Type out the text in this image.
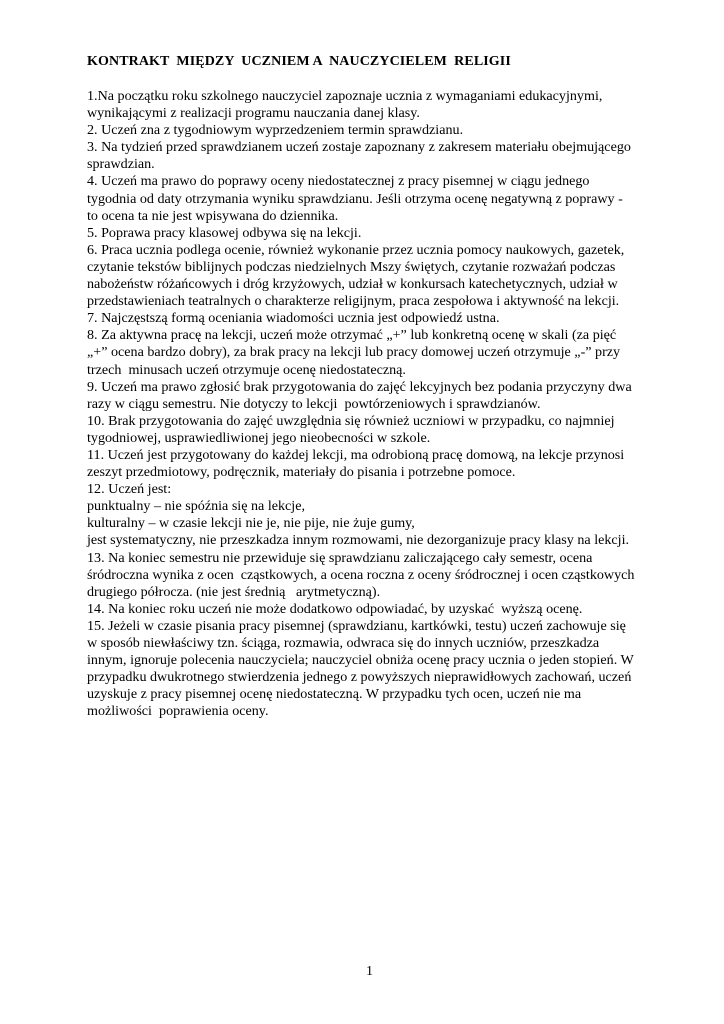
KONTRAKT  MIĘDZY  UCZNIEM A  NAUCZYCIELEM  RELIGII

1.Na początku roku szkolnego nauczyciel zapoznaje ucznia z wymaganiami edukacyjnymi,

wynikającymi z realizacji programu nauczania danej klasy.

2. Uczeń zna z tygodniowym wyprzedzeniem termin sprawdzianu.

3. Na tydzień przed sprawdzianem uczeń zostaje zapoznany z zakresem materiału obejmującego

sprawdzian.

4. Uczeń ma prawo do poprawy oceny niedostatecznej z pracy pisemnej w ciągu jednego

tygodnia od daty otrzymania wyniku sprawdzianu. Jeśli otrzyma ocenę negatywną z poprawy -

to ocena ta nie jest wpisywana do dziennika.

5. Poprawa pracy klasowej odbywa się na lekcji.

6. Praca ucznia podlega ocenie, również wykonanie przez ucznia pomocy naukowych, gazetek,

czytanie tekstów biblijnych podczas niedzielnych Mszy świętych, czytanie rozważań podczas

nabożeństw różańcowych i dróg krzyżowych, udział w konkursach katechetycznych, udział w

przedstawieniach teatralnych o charakterze religijnym, praca zespołowa i aktywność na lekcji.

7. Najczęstszą formą oceniania wiadomości ucznia jest odpowiedź ustna.

8. Za aktywna pracę na lekcji, uczeń może otrzymać „+” lub konkretną ocenę w skali (za pięć

„+” ocena bardzo dobry), za brak pracy na lekcji lub pracy domowej uczeń otrzymuje „-” przy

trzech  minusach uczeń otrzymuje ocenę niedostateczną.

9. Uczeń ma prawo zgłosić brak przygotowania do zajęć lekcyjnych bez podania przyczyny dwa

razy w ciągu semestru. Nie dotyczy to lekcji  powtórzeniowych i sprawdzianów.

10. Brak przygotowania do zajęć uwzględnia się również uczniowi w przypadku, co najmniej

tygodniowej, usprawiedliwionej jego nieobecności w szkole.

11. Uczeń jest przygotowany do każdej lekcji, ma odrobioną pracę domową, na lekcje przynosi

zeszyt przedmiotowy, podręcznik, materiały do pisania i potrzebne pomoce.

12. Uczeń jest:

punktualny – nie spóźnia się na lekcje,

kulturalny – w czasie lekcji nie je, nie pije, nie żuje gumy,

jest systematyczny, nie przeszkadza innym rozmowami, nie dezorganizuje pracy klasy na lekcji.

13. Na koniec semestru nie przewiduje się sprawdzianu zaliczającego cały semestr, ocena

śródroczna wynika z ocen  cząstkowych, a ocena roczna z oceny śródrocznej i ocen cząstkowych

drugiego półrocza. (nie jest średnią   arytmetyczną).

14. Na koniec roku uczeń nie może dodatkowo odpowiadać, by uzyskać  wyższą ocenę.

15. Jeżeli w czasie pisania pracy pisemnej (sprawdzianu, kartkówki, testu) uczeń zachowuje się

w sposób niewłaściwy tzn. ściąga, rozmawia, odwraca się do innych uczniów, przeszkadza

innym, ignoruje polecenia nauczyciela; nauczyciel obniża ocenę pracy ucznia o jeden stopień. W

przypadku dwukrotnego stwierdzenia jednego z powyższych nieprawidłowych zachowań, uczeń

uzyskuje z pracy pisemnej ocenę niedostateczną. W przypadku tych ocen, uczeń nie ma

możliwości  poprawienia oceny.

1
